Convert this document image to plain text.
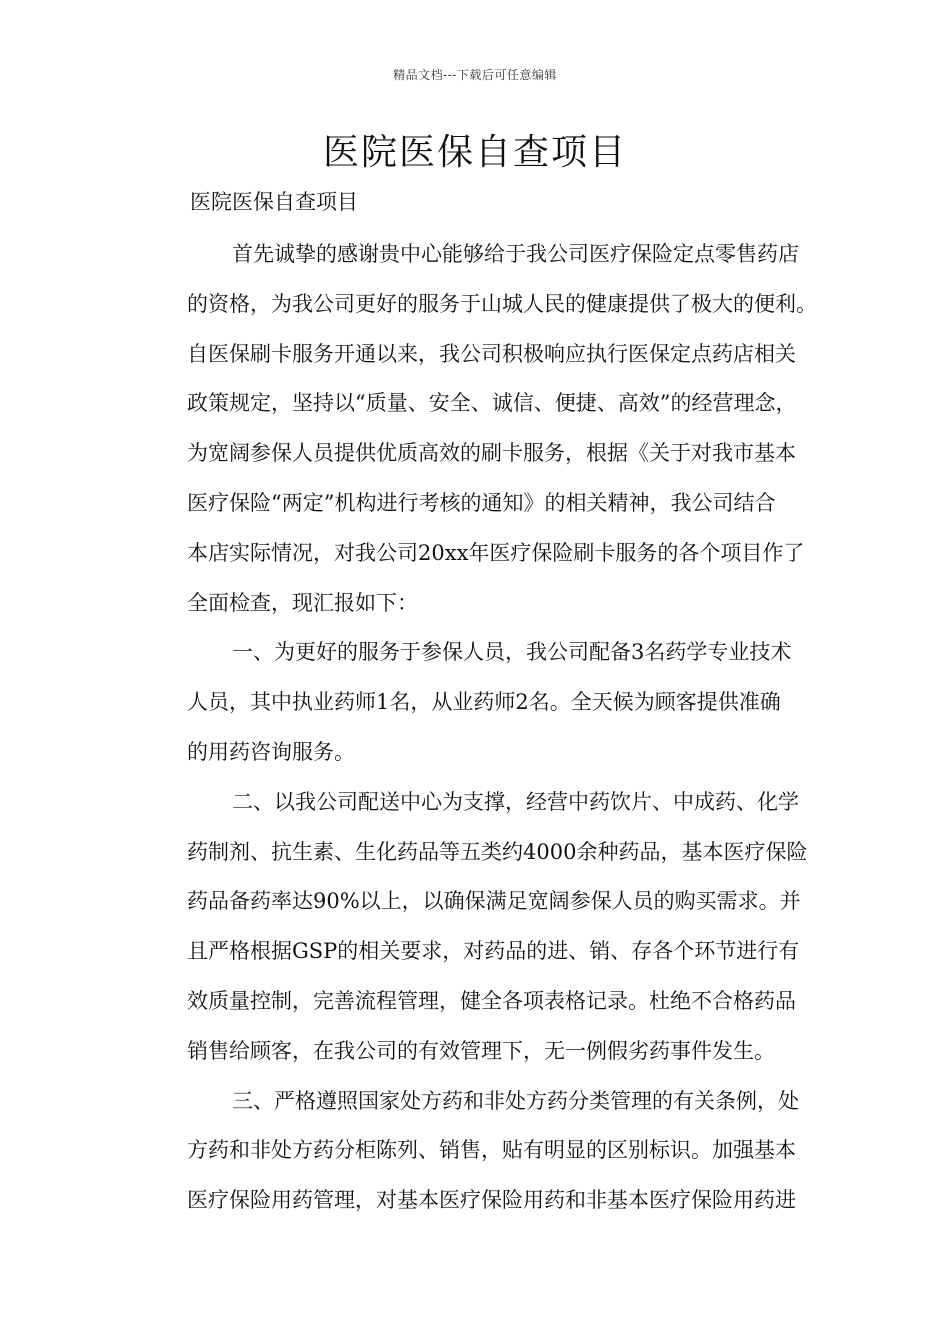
精品文档---下载后可任意编辑
医院医保自查项目

医院医保自查项目

首先诚挚的感谢贵中心能够给于我公司医疗保险定点零售药店
的资格，为我公司更好的服务于山城人民的健康提供了极大的便利。
自医保刷卡服务开通以来，我公司积极响应执行医保定点药店相关
政策规定，坚持以“质量、安全、诚信、便捷、高效”的经营理念，
为宽阔参保人员提供优质高效的刷卡服务，根据《关于对我市基本
医疗保险“两定”机构进行考核的通知》的相关精神，我公司结合
本店实际情况，对我公司20xx年医疗保险刷卡服务的各个项目作了
全面检查，现汇报如下：

一、为更好的服务于参保人员，我公司配备3名药学专业技术
人员，其中执业药师1名，从业药师2名。全天候为顾客提供准确
的用药咨询服务。

二、以我公司配送中心为支撑，经营中药饮片、中成药、化学
药制剂、抗生素、生化药品等五类约4000余种药品，基本医疗保险
药品备药率达90%以上，以确保满足宽阔参保人员的购买需求。并
且严格根据GSP的相关要求，对药品的进、销、存各个环节进行有
效质量控制，完善流程管理，健全各项表格记录。杜绝不合格药品
销售给顾客，在我公司的有效管理下，无一例假劣药事件发生。

三、严格遵照国家处方药和非处方药分类管理的有关条例，处
方药和非处方药分柜陈列、销售，贴有明显的区别标识。加强基本
医疗保险用药管理，对基本医疗保险用药和非基本医疗保险用药进
